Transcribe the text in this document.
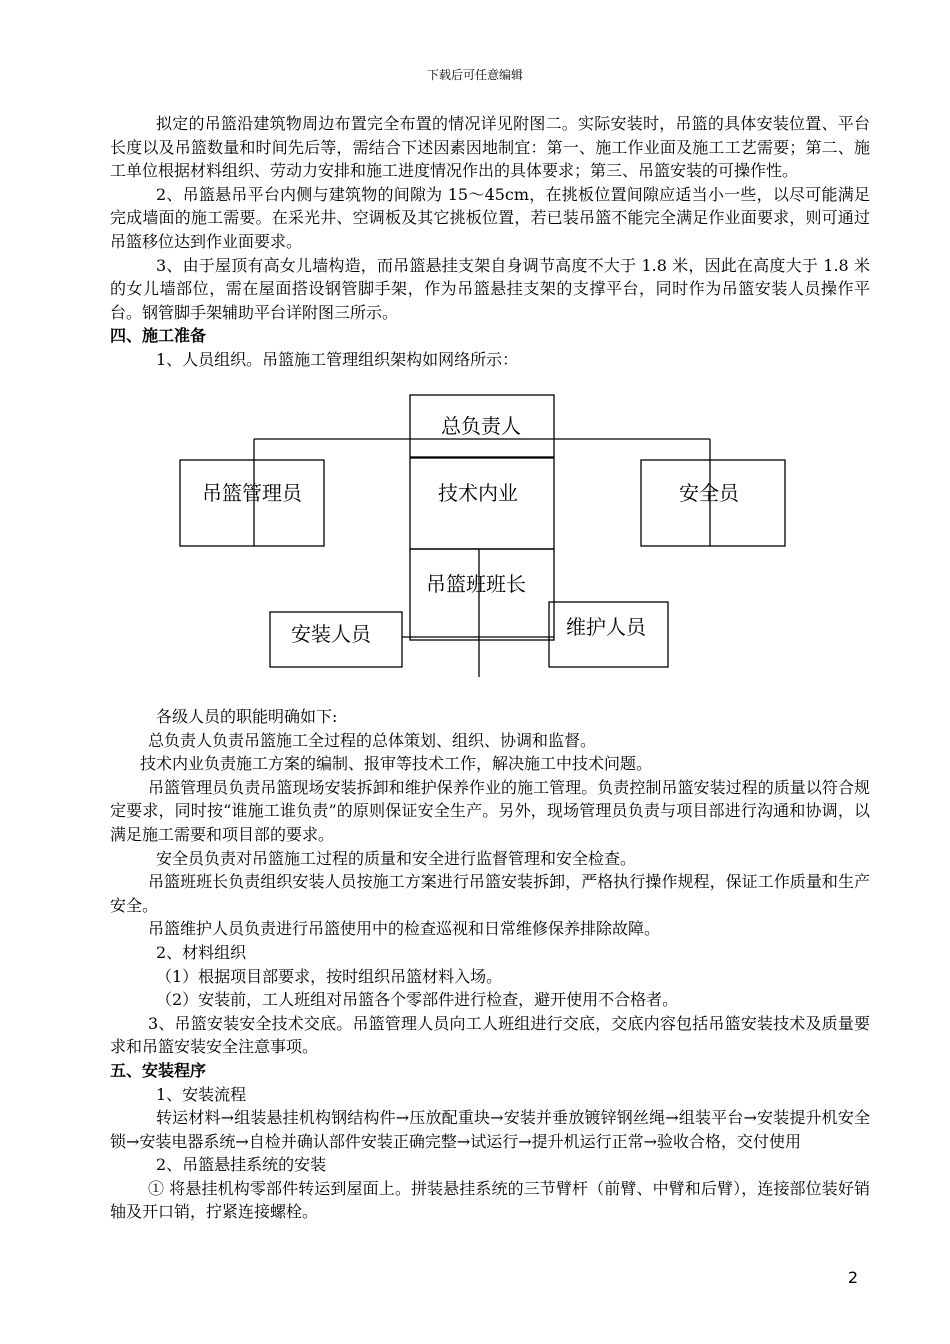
下载后可任意编辑

拟定的吊篮沿建筑物周边布置完全布置的情况详见附图二。实际安装时，吊篮的具体安装位置、平台长度以及吊篮数量和时间先后等，需结合下述因素因地制宜：第一、施工作业面及施工工艺需要；第二、施工单位根据材料组织、劳动力安排和施工进度情况作出的具体要求；第三、吊篮安装的可操作性。

2、吊篮悬吊平台内侧与建筑物的间隙为 15～45cm，在挑板位置间隙应适当小一些，以尽可能满足完成墙面的施工需要。在采光井、空调板及其它挑板位置，若已装吊篮不能完全满足作业面要求，则可通过吊篮移位达到作业面要求。

3、由于屋顶有高女儿墙构造，而吊篮悬挂支架自身调节高度不大于 1.8 米，因此在高度大于 1.8 米的女儿墙部位，需在屋面搭设钢管脚手架，作为吊篮悬挂支架的支撑平台，同时作为吊篮安装人员操作平台。钢管脚手架辅助平台详附图三所示。

四、施工准备

1、人员组织。吊篮施工管理组织架构如网络所示：

吊篮管理员
总负责人
技术内业	安全员
吊篮班班长
安装人员	维护人员

各级人员的职能明确如下:

总负责人负责吊篮施工全过程的总体策划、组织、协调和监督。

技术内业负责施工方案的编制、报审等技术工作，解决施工中技术问题。

吊篮管理员负责吊篮现场安装拆卸和维护保养作业的施工管理。负责控制吊篮安装过程的质量以符合规定要求，同时按“谁施工谁负责”的原则保证安全生产。另外，现场管理员负责与项目部进行沟通和协调，以满足施工需要和项目部的要求。

安全员负责对吊篮施工过程的质量和安全进行监督管理和安全检查。

吊篮班班长负责组织安装人员按施工方案进行吊篮安装拆卸，严格执行操作规程，保证工作质量和生产安全。

吊篮维护人员负责进行吊篮使用中的检查巡视和日常维修保养排除故障。

2、材料组织

（1）根据项目部要求，按时组织吊篮材料入场。

（2）安装前，工人班组对吊篮各个零部件进行检查，避开使用不合格者。

3、吊篮安装安全技术交底。吊篮管理人员向工人班组进行交底，交底内容包括吊篮安装技术及质量要求和吊篮安装安全注意事项。

五、安装程序

1、安装流程

转运材料→组装悬挂机构钢结构件→压放配重块→安装并垂放镀锌钢丝绳→组装平台→安装提升机安全锁→安装电器系统→自检并确认部件安装正确完整→试运行→提升机运行正常→验收合格，交付使用

2、吊篮悬挂系统的安装

① 将悬挂机构零部件转运到屋面上。拼装悬挂系统的三节臂杆（前臂、中臂和后臂），连接部位装好销轴及开口销，拧紧连接螺栓。

2
